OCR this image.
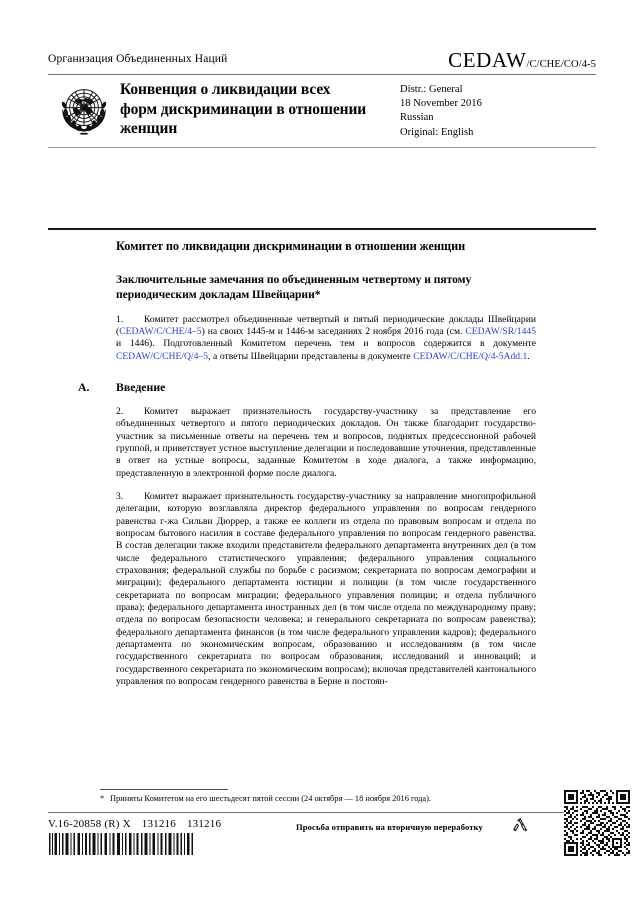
Организация Объединенных Наций	CEDAW/C/CHE/CO/4-5
Конвенция о ликвидации всех форм дискриминации в отношении женщин
Distr.: General
18 November 2016
Russian
Original: English
Комитет по ликвидации дискриминации в отношении женщин
Заключительные замечания по объединенным четвертому и пятому периодическим докладам Швейцарии*
1. Комитет рассмотрел объединенные четвертый и пятый периодические доклады Швейцарии (CEDAW/C/CHE/4–5) на своих 1445-м и 1446-м заседаниях 2 ноября 2016 года (см. CEDAW/SR/1445 и 1446). Подготовленный Комитетом перечень тем и вопросов содержится в документе CEDAW/C/CHE/Q/4–5, а ответы Швейцарии представлены в документе CEDAW/C/CHE/Q/4-5Add.1.
A. Введение
2. Комитет выражает признательность государству-участнику за представление его объединенных четвертого и пятого периодических докладов. Он также благодарит государство-участник за письменные ответы на перечень тем и вопросов, поднятых предсессионной рабочей группой, и приветствует устное выступление делегации и последовавшие уточнения, представленные в ответ на устные вопросы, заданные Комитетом в ходе диалога, а также информацию, представленную в электронной форме после диалога.
3. Комитет выражает признательность государству-участнику за направление многопрофильной делегации, которую возглавляла директор федерального управления по вопросам гендерного равенства г-жа Сильви Дюррер, а также ее коллеги из отдела по правовым вопросам и отдела по вопросам бытового насилия в составе федерального управления по вопросам гендерного равенства. В состав делегации также входили представители федерального департамента внутренних дел (в том числе федерального статистического управления; федерального управления социального страхования; федеральной службы по борьбе с расизмом; секретариата по вопросам демографии и миграции); федерального департамента юстиции и полиции (в том числе государственного секретариата по вопросам миграции; федерального управления полиции; и отдела публичного права); федерального департамента иностранных дел (в том числе отдела по международному праву; отдела по вопросам безопасности человека; и генерального секретариата по вопросам равенства); федерального департамента финансов (в том числе федерального управления кадров); федерального департамента по экономическим вопросам, образованию и исследованиям (в том числе государственного секретариата по вопросам образования, исследований и инноваций; и государственного секретариата по экономическим вопросам); включая представителей кантонального управления по вопросам гендерного равенства в Берне и постоян-
* Приняты Комитетом на его шестьдесят пятой сессии (24 октября — 18 ноября 2016 года).
V.16-20858 (R) X 131216 131216	Просьба отправить на вторичную переработку
